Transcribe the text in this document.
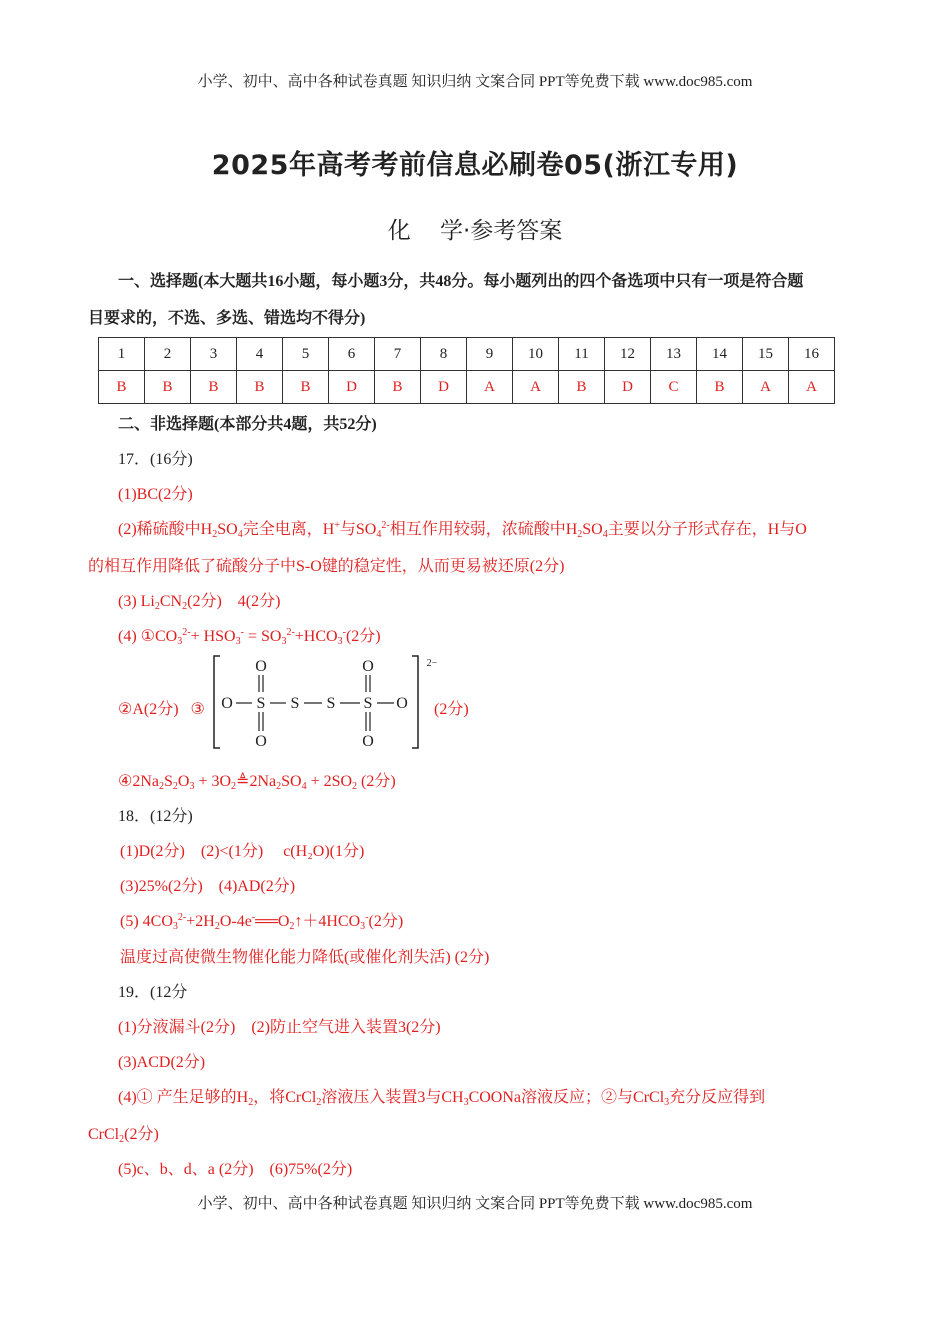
小学、初中、高中各种试卷真题 知识归纳 文案合同 PPT等免费下载 www.doc985.com
2025年高考考前信息必刷卷05(浙江专用)
化    学·参考答案
一、选择题(本大题共16小题，每小题3分，共48分。每小题列出的四个备选项中只有一项是符合题
目要求的，不选、多选、错选均不得分)
1	2	3	4	5	6	7	8	9	10	11	12	13	14	15	16
B	B	B	B	B	D	B	D	A	A	B	D	C	B	A	A
二、非选择题(本部分共4题，共52分)
17．(16分)
(1)BC(2分)
(2)稀硫酸中$H_2SO_4$完全电离，H+与$SO_4^{2-}$相互作用较弱，浓硫酸中$H_2SO_4$主要以分子形式存在，H与O
的相互作用降低了硫酸分子中S-O键的稳定性，从而更易被还原(2分)
(3) $Li_2CN_2(2$分)    4(2分)
(4) $①CO_3^{2-}+ HSO_3^- = SO_3^{2-}+HCO_3^-(2$分)
②A(2分)   ③ O S S S S O
O
O
O
O
2−
(2分)
$④2Na_2S_2O_3$ + $3O_2≜2Na_2SO_4 + 2SO_2$ (2分)
18．(12分)
(1)D(2分)    (2)<(1分)     c(H₂O)(1分)
(3)25%(2分)    (4)AD(2分)
(5) $4CO_3^{2-}+2H_2O-4e^-══O_2↑+4HCO_3^-(2$分)
温度过高使微生物催化能力降低(或催化剂失活) (2分)
19．(12分
(1)分液漏斗(2分)    (2)防止空气进入装置3(2分)
(3)ACD(2分)
(4)① 产生足够的$H_2$，将CrCl$_2$溶液压入装置3与$CH_3COONa$溶液反应；②与CrCl$_3$充分反应得到
CrCl$_2$(2分)
(5)c、b、d、a (2分)    (6)75%(2分)
小学、初中、高中各种试卷真题 知识归纳 文案合同 PPT等免费下载 www.doc985.com
